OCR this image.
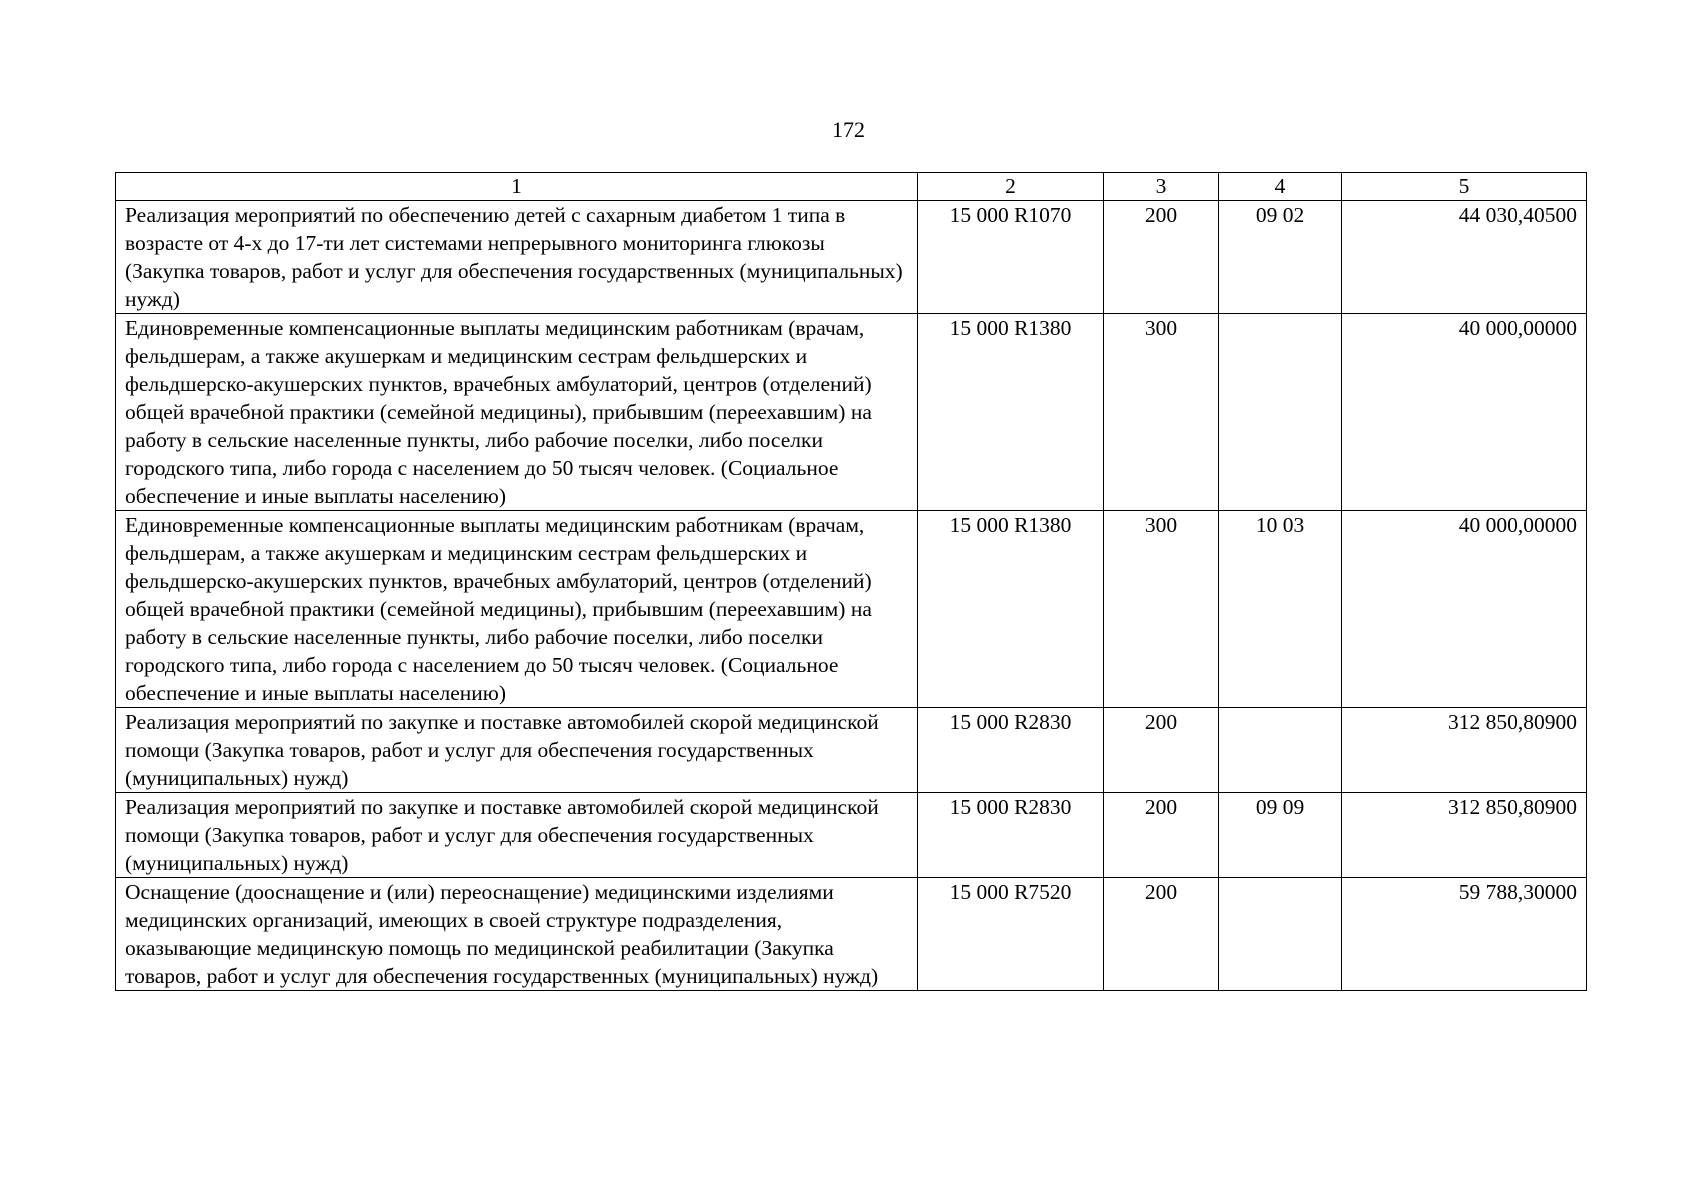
172
1	2	3	4	5
Реализация мероприятий по обеспечению детей с сахарным диабетом 1 типа в возрасте от 4-х до 17-ти лет системами непрерывного мониторинга глюкозы (Закупка товаров, работ и услуг для обеспечения государственных (муниципальных) нужд)	15 000 R1070	200	09 02	44 030,40500
Единовременные компенсационные выплаты медицинским работникам (врачам, фельдшерам, а также акушеркам и медицинским сестрам фельдшерских и фельдшерско-акушерских пунктов, врачебных амбулаторий, центров (отделений) общей врачебной практики (семейной медицины), прибывшим (переехавшим) на работу в сельские населенные пункты, либо рабочие поселки, либо поселки городского типа, либо города с населением до 50 тысяч человек. (Социальное обеспечение и иные выплаты населению)	15 000 R1380	300		40 000,00000
Единовременные компенсационные выплаты медицинским работникам (врачам, фельдшерам, а также акушеркам и медицинским сестрам фельдшерских и фельдшерско-акушерских пунктов, врачебных амбулаторий, центров (отделений) общей врачебной практики (семейной медицины), прибывшим (переехавшим) на работу в сельские населенные пункты, либо рабочие поселки, либо поселки городского типа, либо города с населением до 50 тысяч человек. (Социальное обеспечение и иные выплаты населению)	15 000 R1380	300	10 03	40 000,00000
Реализация мероприятий по закупке и поставке автомобилей скорой медицинской помощи (Закупка товаров, работ и услуг для обеспечения государственных (муниципальных) нужд)	15 000 R2830	200		312 850,80900
Реализация мероприятий по закупке и поставке автомобилей скорой медицинской помощи (Закупка товаров, работ и услуг для обеспечения государственных (муниципальных) нужд)	15 000 R2830	200	09 09	312 850,80900
Оснащение (дооснащение и (или) переоснащение) медицинскими изделиями медицинских организаций, имеющих в своей структуре подразделения, оказывающие медицинскую помощь по медицинской реабилитации (Закупка товаров, работ и услуг для обеспечения государственных (муниципальных) нужд)	15 000 R7520	200		59 788,30000
